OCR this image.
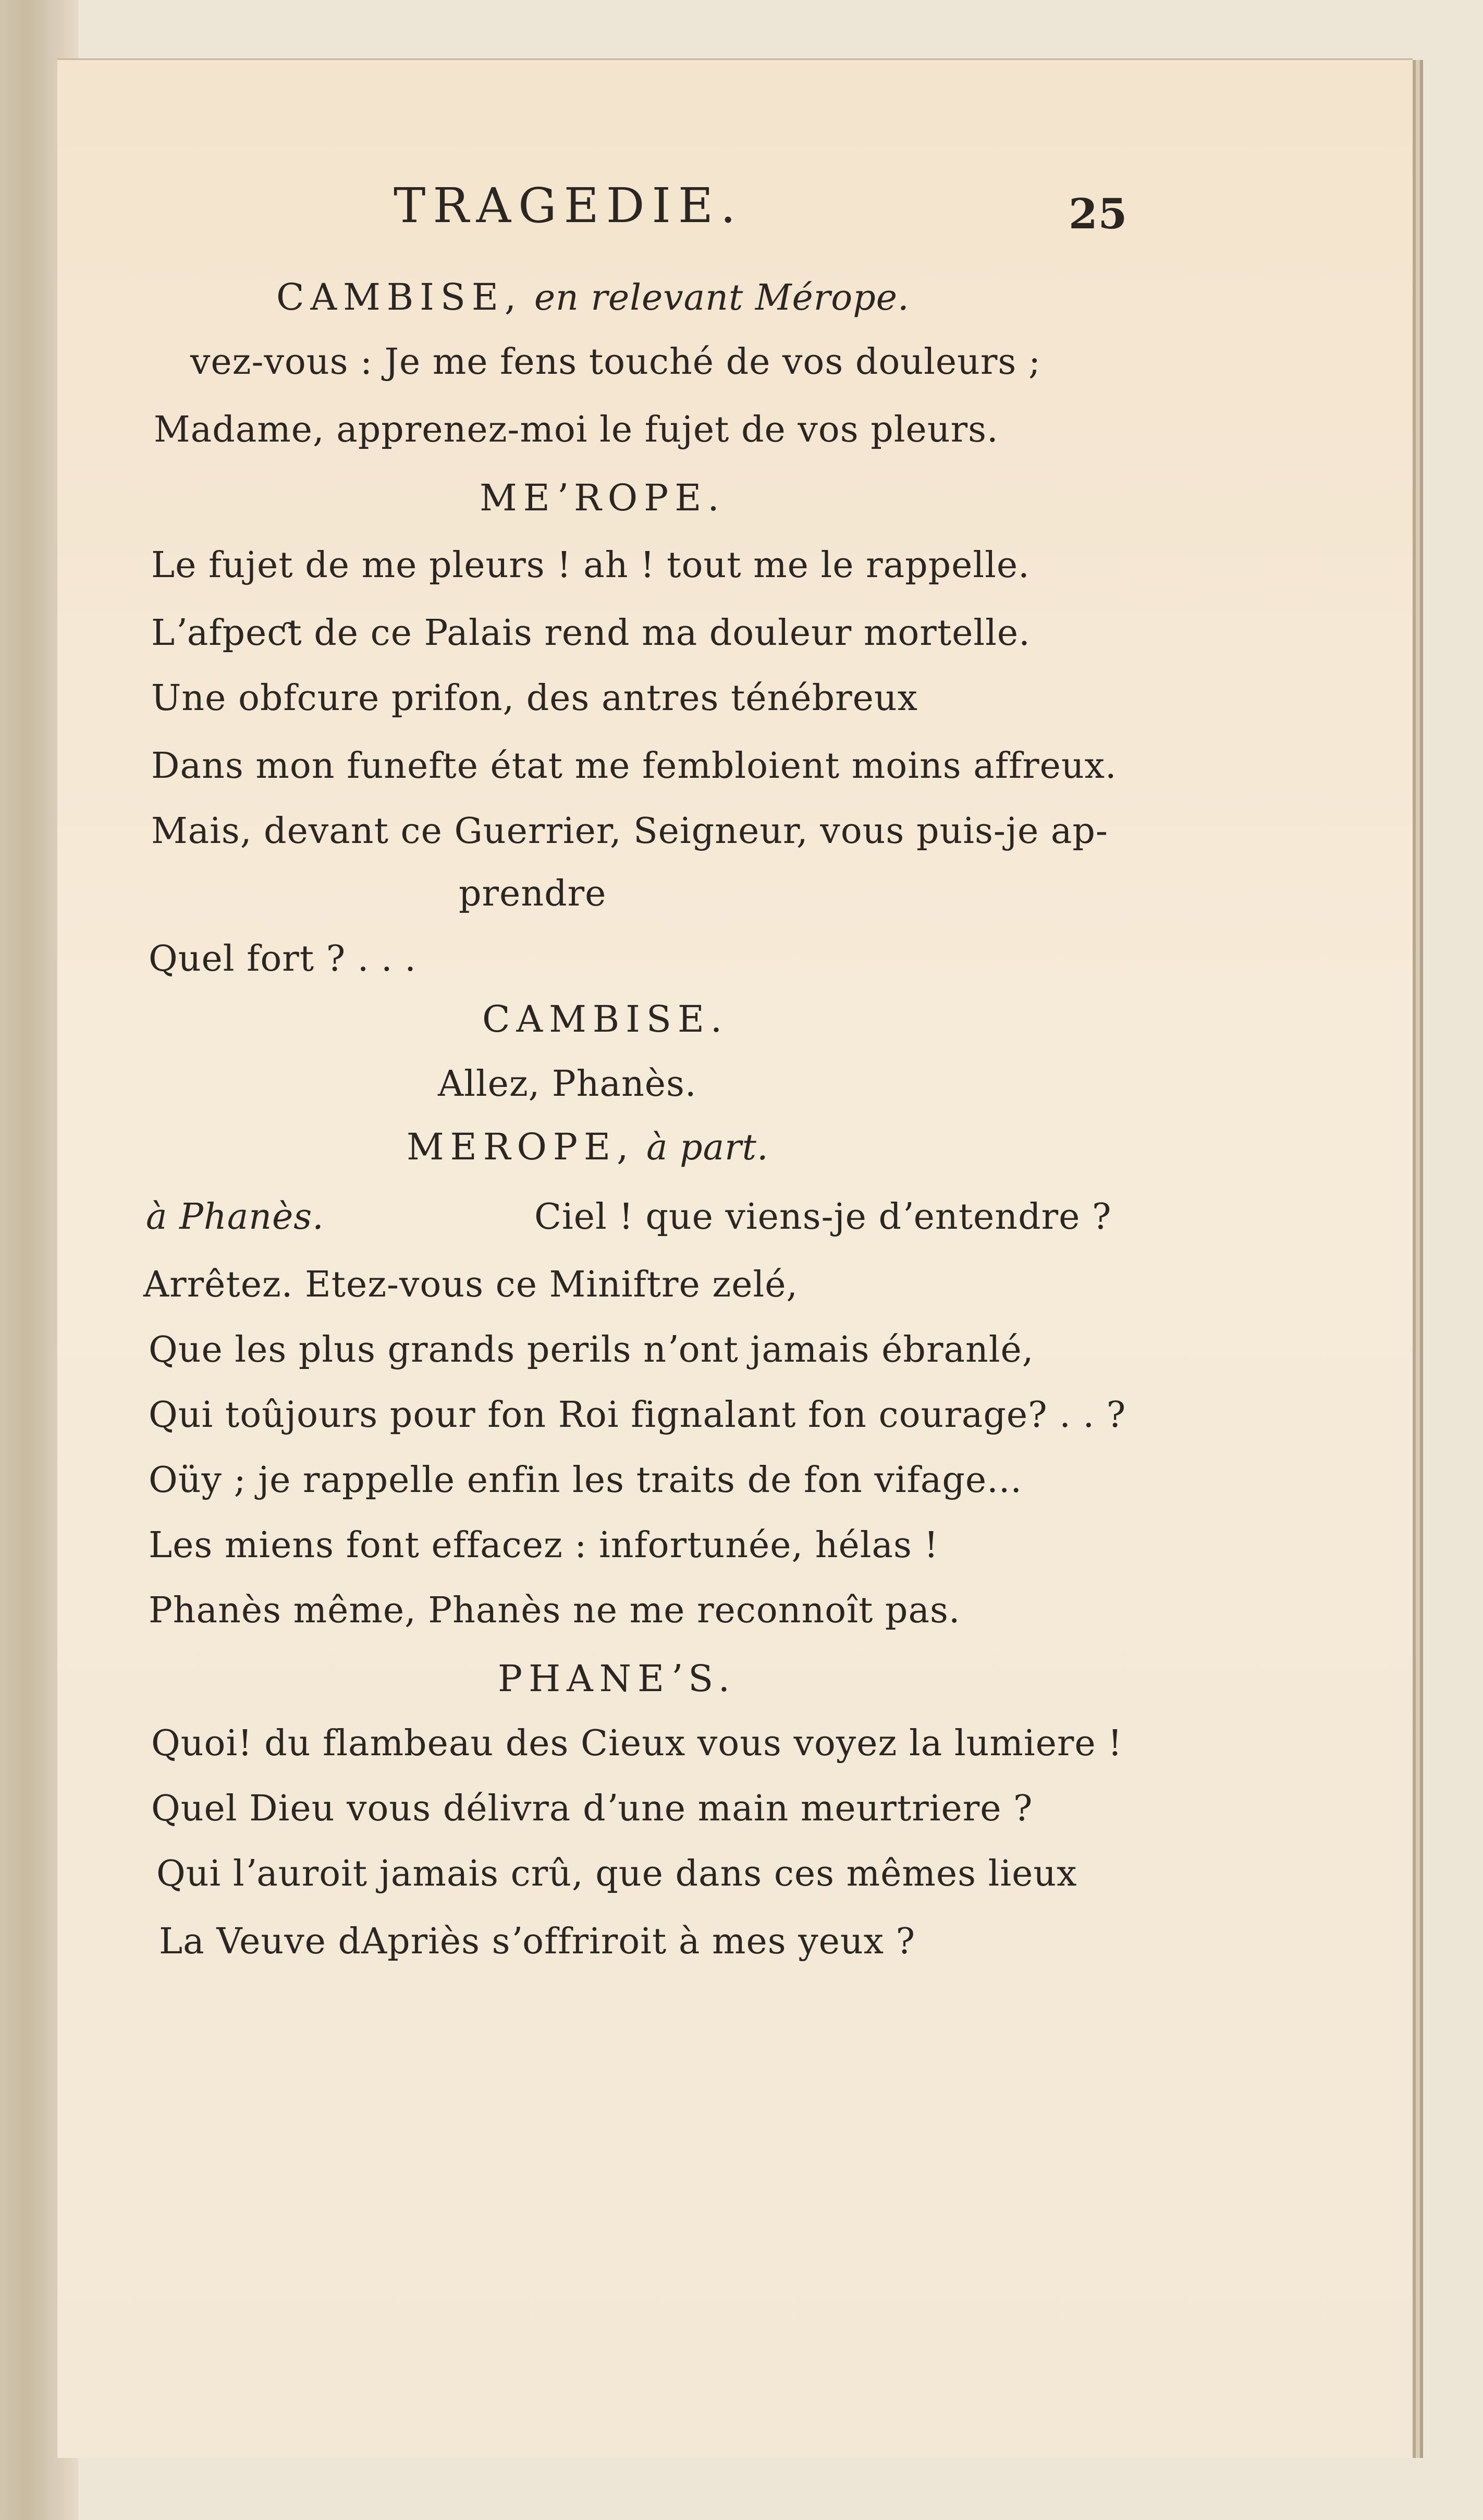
TRAGEDIE.	25
CAMBISE, en relevant Mérope.
vez-vous : Je me fens touché de vos douleurs ;
Madame, apprenez-moi le fujet de vos pleurs.
MEʼROPE.
Le fujet de me pleurs ! ah ! tout me le rappelle.
Lʼafpeƈt de ce Palais rend ma douleur mortelle.
Une obfcure prifon, des antres ténébreux
Dans mon funefte état me fembloient moins affreux.
Mais, devant ce Guerrier, Seigneur, vous puis-je ap-
prendre
Quel fort ? . . .
CAMBISE.
Allez, Phanès.
MEROPE, à part.
à Phanès.	Ciel ! que viens-je dʼentendre ?
Arrêtez. Etez-vous ce Miniftre zelé,
Que les plus grands perils nʼont jamais ébranlé,
Qui toûjours pour fon Roi fignalant fon courage? . . ?
Oüy ; je rappelle enfin les traits de fon vifage...
Les miens font effacez : infortunée, hélas !
Phanès même, Phanès ne me reconnoît pas.
PHANEʼS.
Quoi! du flambeau des Cieux vous voyez la lumiere !
Quel Dieu vous délivra dʼune main meurtriere ?
Qui lʼauroit jamais crû, que dans ces mêmes lieux
La Veuve dApriès sʼoffriroit à mes yeux ?
